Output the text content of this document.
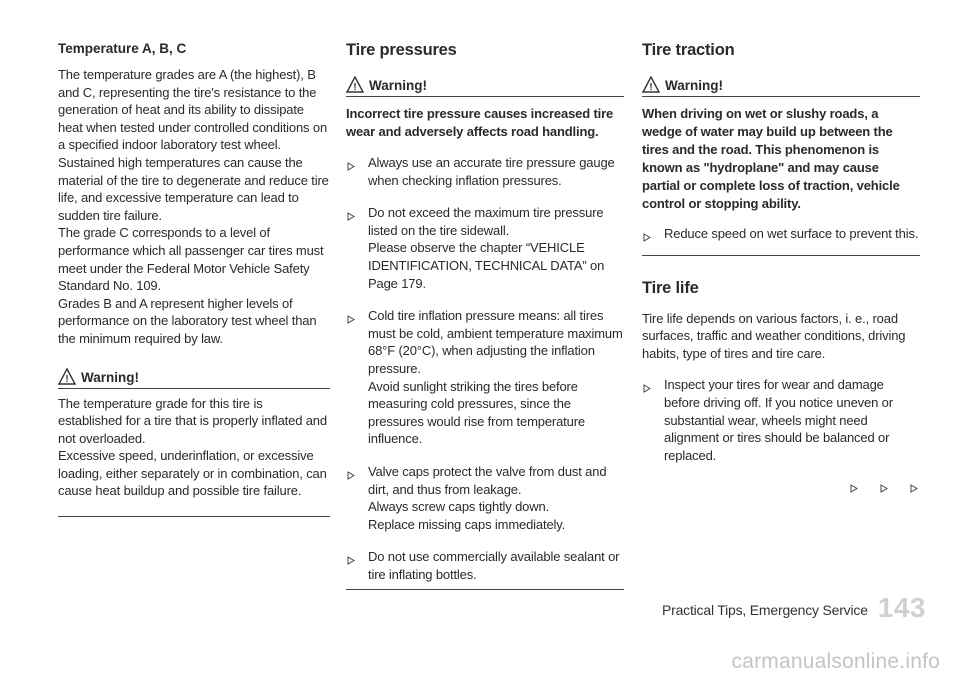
Temperature A, B, C

The temperature grades are A (the highest), B and C, representing the tire's resistance to the generation of heat and its ability to dissipate heat when tested under controlled conditions on a specified indoor laboratory test wheel.

Sustained high temperatures can cause the material of the tire to degenerate and reduce tire life, and excessive temperature can lead to sudden tire failure.

The grade C corresponds to a level of performance which all passenger car tires must meet under the Federal Motor Vehicle Safety Standard No. 109.

Grades B and A represent higher levels of performance on the laboratory test wheel than the minimum required by law.

! Warning!

The temperature grade for this tire is established for a tire that is properly inflated and not overloaded.

Excessive speed, underinflation, or excessive loading, either separately or in combination, can cause heat buildup and possible tire failure.

Tire pressures
! Warning!

Incorrect tire pressure causes increased tire wear and adversely affects road handling.

Always use an accurate tire pressure gauge when checking inflation pressures.

Do not exceed the maximum tire pressure listed on the tire sidewall.

Please observe the chapter “VEHICLE IDENTIFICATION, TECHNICAL DATA” on Page 179.

Cold tire inflation pressure means: all tires must be cold, ambient temperature maximum 68°F (20°C), when adjusting the inflation pressure.

Avoid sunlight striking the tires before measuring cold pressures, since the pressures would rise from temperature influence.

Valve caps protect the valve from dust and dirt, and thus from leakage.

Always screw caps tightly down.

Replace missing caps immediately.

Do not use commercially available sealant or tire inflating bottles.

Tire traction
! Warning!

When driving on wet or slushy roads, a wedge of water may build up between the tires and the road. This phenomenon is known as "hydroplane" and may cause partial or complete loss of traction, vehicle control or stopping ability.

Reduce speed on wet surface to prevent this.

Tire life

Tire life depends on various factors, i. e., road surfaces, traffic and weather conditions, driving habits, type of tires and tire care.

Inspect your tires for wear and damage before driving off. If you notice uneven or substantial wear, wheels might need alignment or tires should be balanced or replaced.

Practical Tips, Emergency Service 143
carmanualsonline.info
